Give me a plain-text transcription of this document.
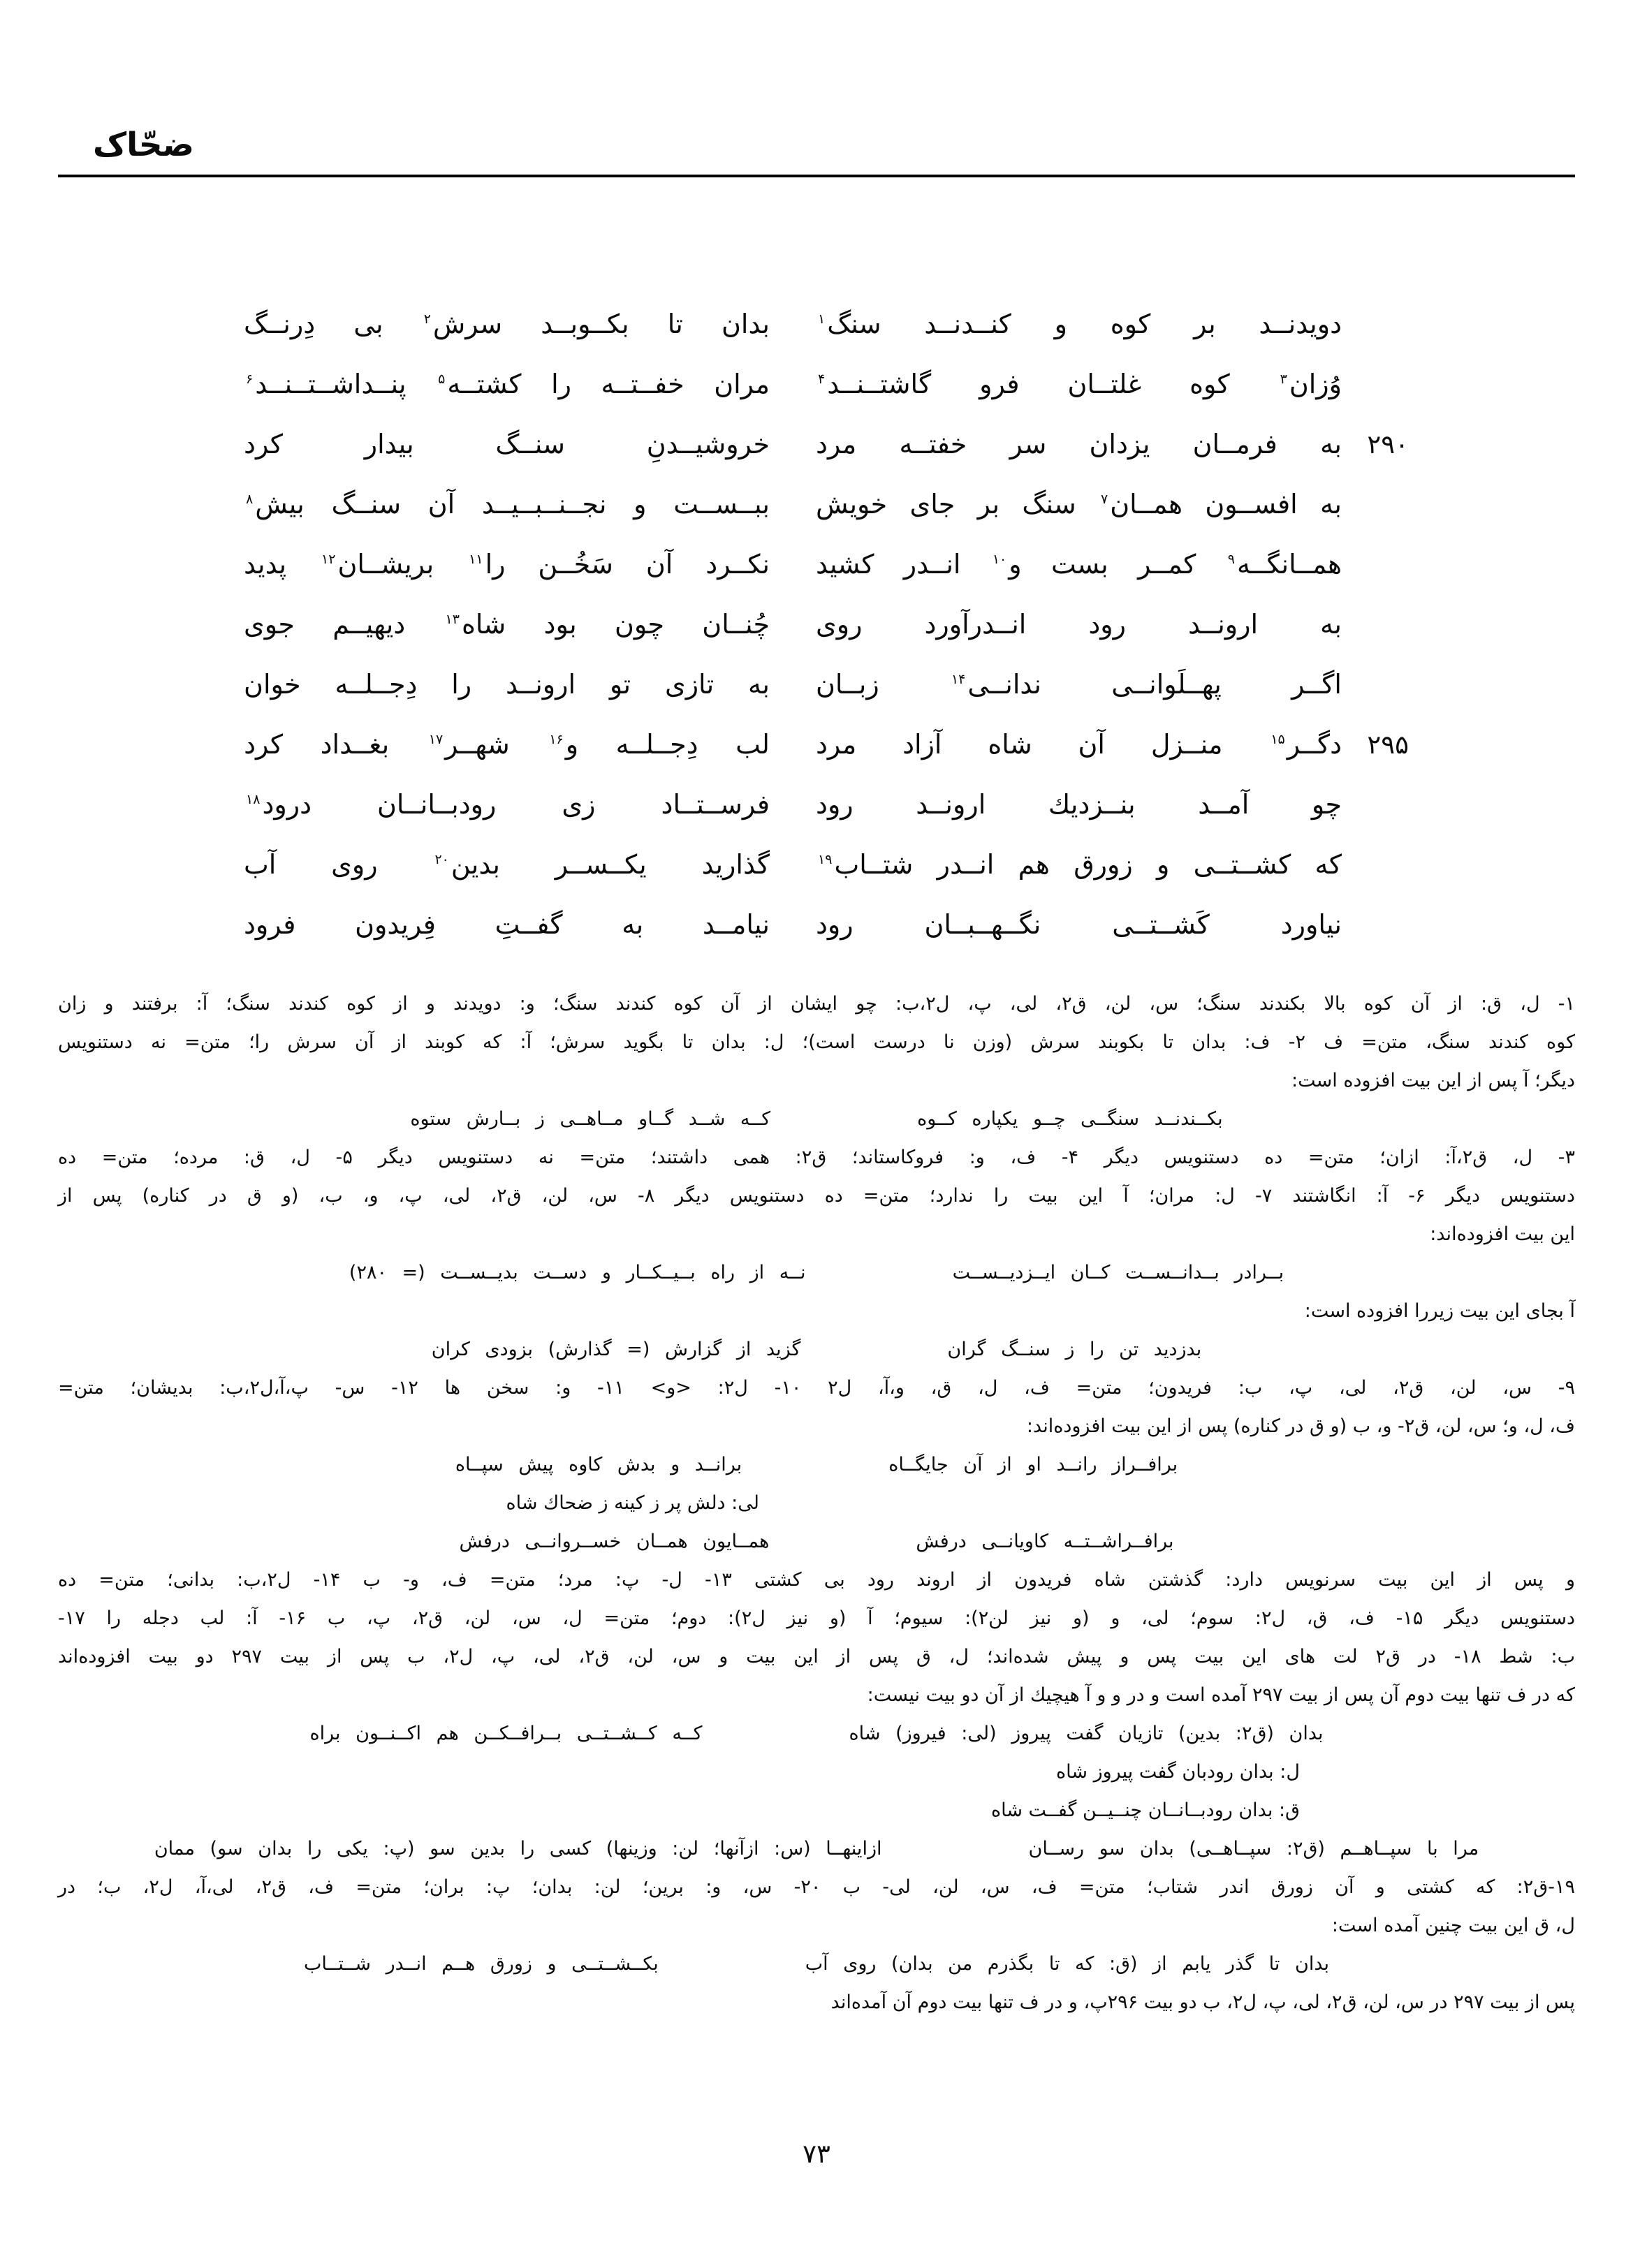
ضحّاک
دویدنــد
بر
کوه
و
کنــدنــد
سنگ$^۱$
بدان
تا
بکــوبــد
سرش$^۲$
بی
دِرنــگ
وُزان$^۳$
کوه
غلتــان
فرو
گاشتــنــد$^۴$
مران
خفــتــه
را
کشتــه$^۵$
پنــداشــتــنــد$^۶$
۲۹۰
به
فرمــان
یزدان
سر
خفتــه
مرد
خروشیــدنِ
سنــگ
بیدار
کرد
به
افســون
همــان$^۷$
سنگ
بر
جای
خویش
ببــســت
و
نجــنــبــیــد
آن
سنــگ
بیش$^۸$
همــانگــه$^۹$
کمــر
بست
و$^{۱۰}$
انــدر
کشید
نکــرد
آن
سَخُــن
را$^{۱۱}$
بریشــان$^{۱۲}$
پدید
به
ارونــد
رود
انــدرآورد
روی
چُنــان
چون
بود
شاه$^{۱۳}$
دیهیــم
جوی
اگــر
پهــلَوانــی
ندانــی$^{۱۴}$
زبــان
به
تازی
تو
ارونــد
را
دِجــلــه
خوان
۲۹۵
دگــر$^{۱۵}$
منــزل
آن
شاه
آزاد
مرد
لب
دِجــلــه
و$^{۱۶}$
شهــر$^{۱۷}$
بغــداد
کرد
چو
آمــد
بنــزدیك
ارونــد
رود
فرســتــاد
زی
رودبــانــان
درود$^{۱۸}$
که
کشــتــی
و
زورق
هم
انــدر
شتــاب$^{۱۹}$
گذارید
یکــســر
بدین$^{۲۰}$
روی
آب
نیاورد
کَشــتــی
نگــهــبــان
رود
نیامــد
به
گفــتِ
فِریدون
فرود
۱- ل، ق: از آن کوه بالا بکندند سنگ؛ س، لن، ق۲، لی، پ، ل۲،ب: چو ایشان از آن کوه کندند سنگ؛ و: دویدند و از کوه کندند سنگ؛ آ: برفتند و زان
کوه کندند سنگ، متن= ف ۲- ف: بدان تا بکوبند سرش (وزن نا درست است)؛ ل: بدان تا بگوید سرش؛ آ: که کوبند از آن سرش را؛ متن= نه دستنویس
دیگر؛ آ پس از این بیت افزوده است:
بکــندنــد سنگــی چــو یکپاره کــوه
کــه شــد گــاو مــاهــی ز بــارش ستوه
۳- ل، ق۲،آ: ازان؛ متن= ده دستنویس دیگر ۴- ف، و: فروکاستاند؛ ق۲: همی داشتند؛ متن= نه دستنویس دیگر ۵- ل، ق: مرده؛ متن= ده
دستنویس دیگر ۶- آ: انگاشتند ۷- ل: مران؛ آ این بیت را ندارد؛ متن= ده دستنویس دیگر ۸- س، لن، ق۲، لی، پ، و، ب، (و ق در کناره) پس از
این بیت افزوده‌اند:
بــرادر بــدانــســت کــان ایــزدیــســت
نــه از راه بــیــکــار و دســت بدیــســت (= ۲۸۰)
آ بجای این بیت زیررا افزوده است:
بدزدید تن را ز سنــگ گران
گزید از گزارش (= گذارش) بزودی کران
۹- س، لن، ق۲، لی، پ، ب: فریدون؛ متن= ف، ل، ق، و،آ، ل۲ ۱۰- ل۲: <و> ۱۱- و: سخن ها ۱۲- س- پ،آ،ل۲،ب: بدیشان؛ متن=
ف، ل، و؛ س، لن، ق۲- و، ب (و ق در کناره) پس از این بیت افزوده‌اند:
برافــراز رانــد او از آن جایگــاه
برانــد و بدش کاوه پیش سپــاه
لی: دلش پر ز کینه ز ضحاك شاه
برافــراشــتــه کاویانــی درفش
همــایون همــان خســروانــی درفش
و پس از این بیت سرنویس دارد: گذشتن شاه فریدون از اروند رود بی کشتی ۱۳- ل- پ: مرد؛ متن= ف، و- ب ۱۴- ل۲،ب: بدانی؛ متن= ده
دستنویس دیگر ۱۵- ف، ق، ل۲: سوم؛ لی، و (و نیز لن۲): سیوم؛ آ (و نیز ل۲): دوم؛ متن= ل، س، لن، ق۲، پ، ب ۱۶- آ: لب دجله را ۱۷-
ب: شط ۱۸- در ق۲ لت های این بیت پس و پیش شده‌اند؛ ل، ق پس از این بیت و س، لن، ق۲، لی، پ، ل۲، ب پس از بیت ۲۹۷ دو بیت افزوده‌اند
که در ف تنها بیت دوم آن پس از بیت ۲۹۷ آمده است و در و و آ هیچیك از آن دو بیت نیست:
بدان (ق۲: بدین) تازیان گفت پیروز (لی: فیروز) شاه
کــه کــشــتــی بــرافــکــن هم اکــنــون براه
ل: بدان رودبان گفت پیروز شاه
ق: بدان رودبــانــان چنــیــن گفــت شاه
مرا با سپــاهــم (ق۲: سپــاهــی) بدان سو رســان
ازاینهــا (س: ازآنها؛ لن: وزینها) کسی را بدین سو (پ: یکی را بدان سو) ممان
۱۹-ق۲: که کشتی و آن زورق اندر شتاب؛ متن= ف، س، لن، لی- ب ۲۰- س، و: برین؛ لن: بدان؛ پ: بران؛ متن= ف، ق۲، لی،آ، ل۲، ب؛ در
ل، ق این بیت چنین آمده است:
بدان تا گذر یابم از (ق: که تا بگذرم من بدان) روی آب
بکــشــتــی و زورق هــم انــدر شــتــاب
پس از بیت ۲۹۷ در س، لن، ق۲، لی، پ، ل۲، ب دو بیت ۲۹۶پ، و در ف تنها بیت دوم آن آمده‌اند
۷۳
